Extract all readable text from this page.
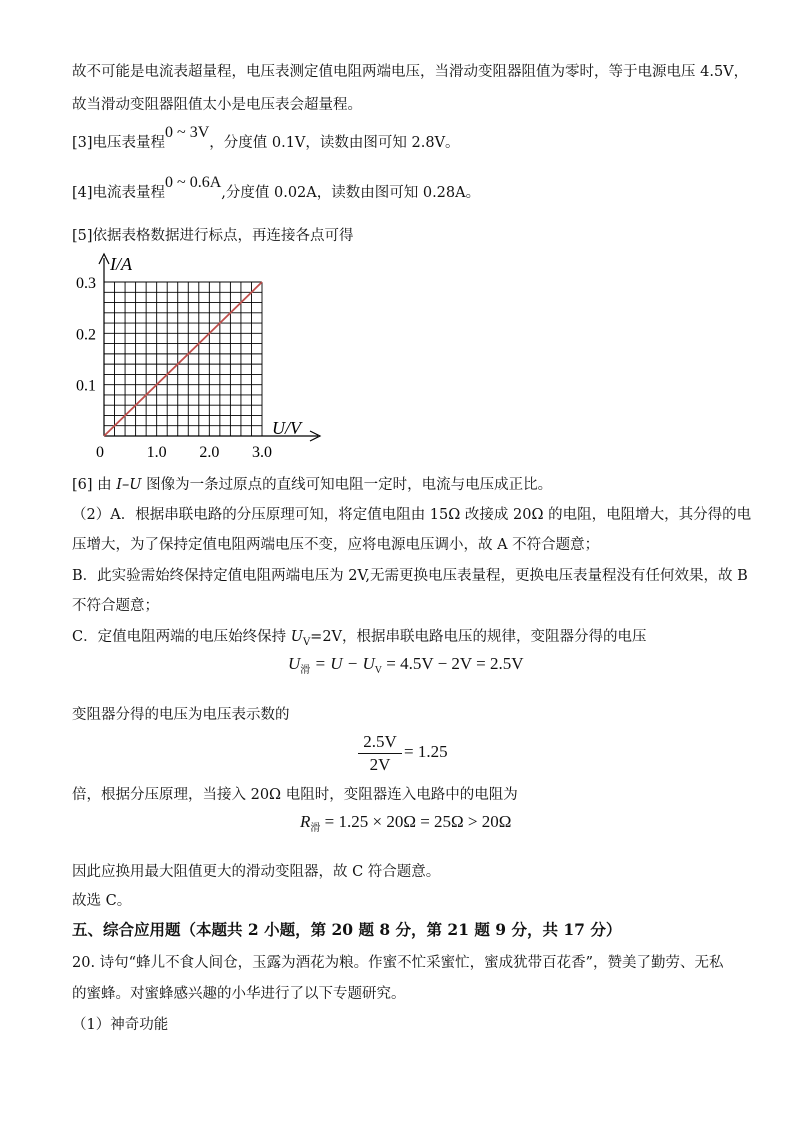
故不可能是电流表超量程，电压表测定值电阻两端电压，当滑动变阻器阻值为零时，等于电源电压 4.5V，
故当滑动变阻器阻值太小是电压表会超量程。
[3]电压表量程0 ~ 3V，分度值 0.1V，读数由图可知 2.8V。
[4]电流表量程0 ~ 0.6A,分度值 0.02A，读数由图可知 0.28A。
[5]依据表格数据进行标点，再连接各点可得
0	1.0 2.0 3.0
0.1
0.2
0.3
I/A
U/V
[6] 由 I–U 图像为一条过原点的直线可知电阻一定时，电流与电压成正比。
（2）A．根据串联电路的分压原理可知，将定值电阻由 15Ω 改接成 20Ω 的电阻，电阻增大，其分得的电
压增大，为了保持定值电阻两端电压不变，应将电源电压调小，故 A 不符合题意；
B．此实验需始终保持定值电阻两端电压为 2V,无需更换电压表量程，更换电压表量程没有任何效果，故 B
不符合题意；
C．定值电阻两端的电压始终保持 $U_V=2V$，根据串联电路电压的规律，变阻器分得的电压
$U_滑 = U - U_V = 4.5V - 2V = 2.5V$
变阻器分得的电压为电压表示数的
2.5V
2V
= 1.25
倍，根据分压原理，当接入 20Ω 电阻时，变阻器连入电路中的电阻为
$R_滑 = 1.25 \times 20\Omega = 25\Omega > 20\Omega$
因此应换用最大阻值更大的滑动变阻器，故 C 符合题意。
故选 C。
五、综合应用题（本题共 2 小题，第 20 题 8 分，第 21 题 9 分，共 17 分）
20. 诗句“蜂儿不食人间仓，玉露为酒花为粮。作蜜不忙采蜜忙，蜜成犹带百花香”，赞美了勤劳、无私
的蜜蜂。对蜜蜂感兴趣的小华进行了以下专题研究。
（1）神奇功能
